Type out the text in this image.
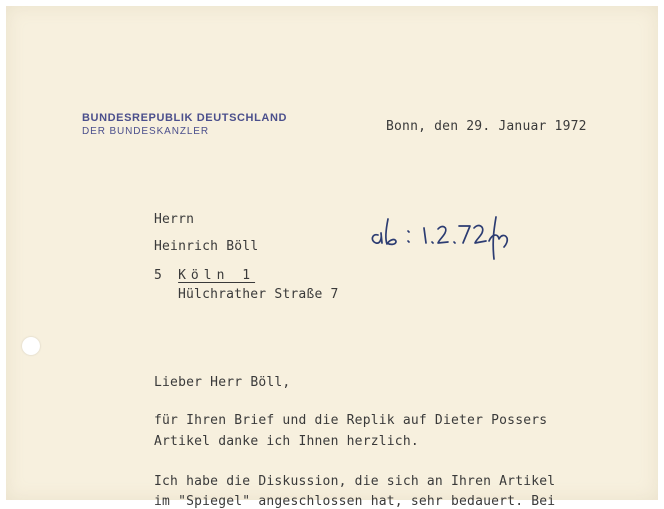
BUNDESREPUBLIK DEUTSCHLAND
DER BUNDESKANZLER	Bonn, den 29. Januar 1972
Herrn
Heinrich Böll
5 Köln 1
Hülchrather Straße 7
Lieber Herr Böll,
für Ihren Brief und die Replik auf Dieter Possers
Artikel danke ich Ihnen herzlich.
Ich habe die Diskussion, die sich an Ihren Artikel
im "Spiegel" angeschlossen hat, sehr bedauert. Bei
